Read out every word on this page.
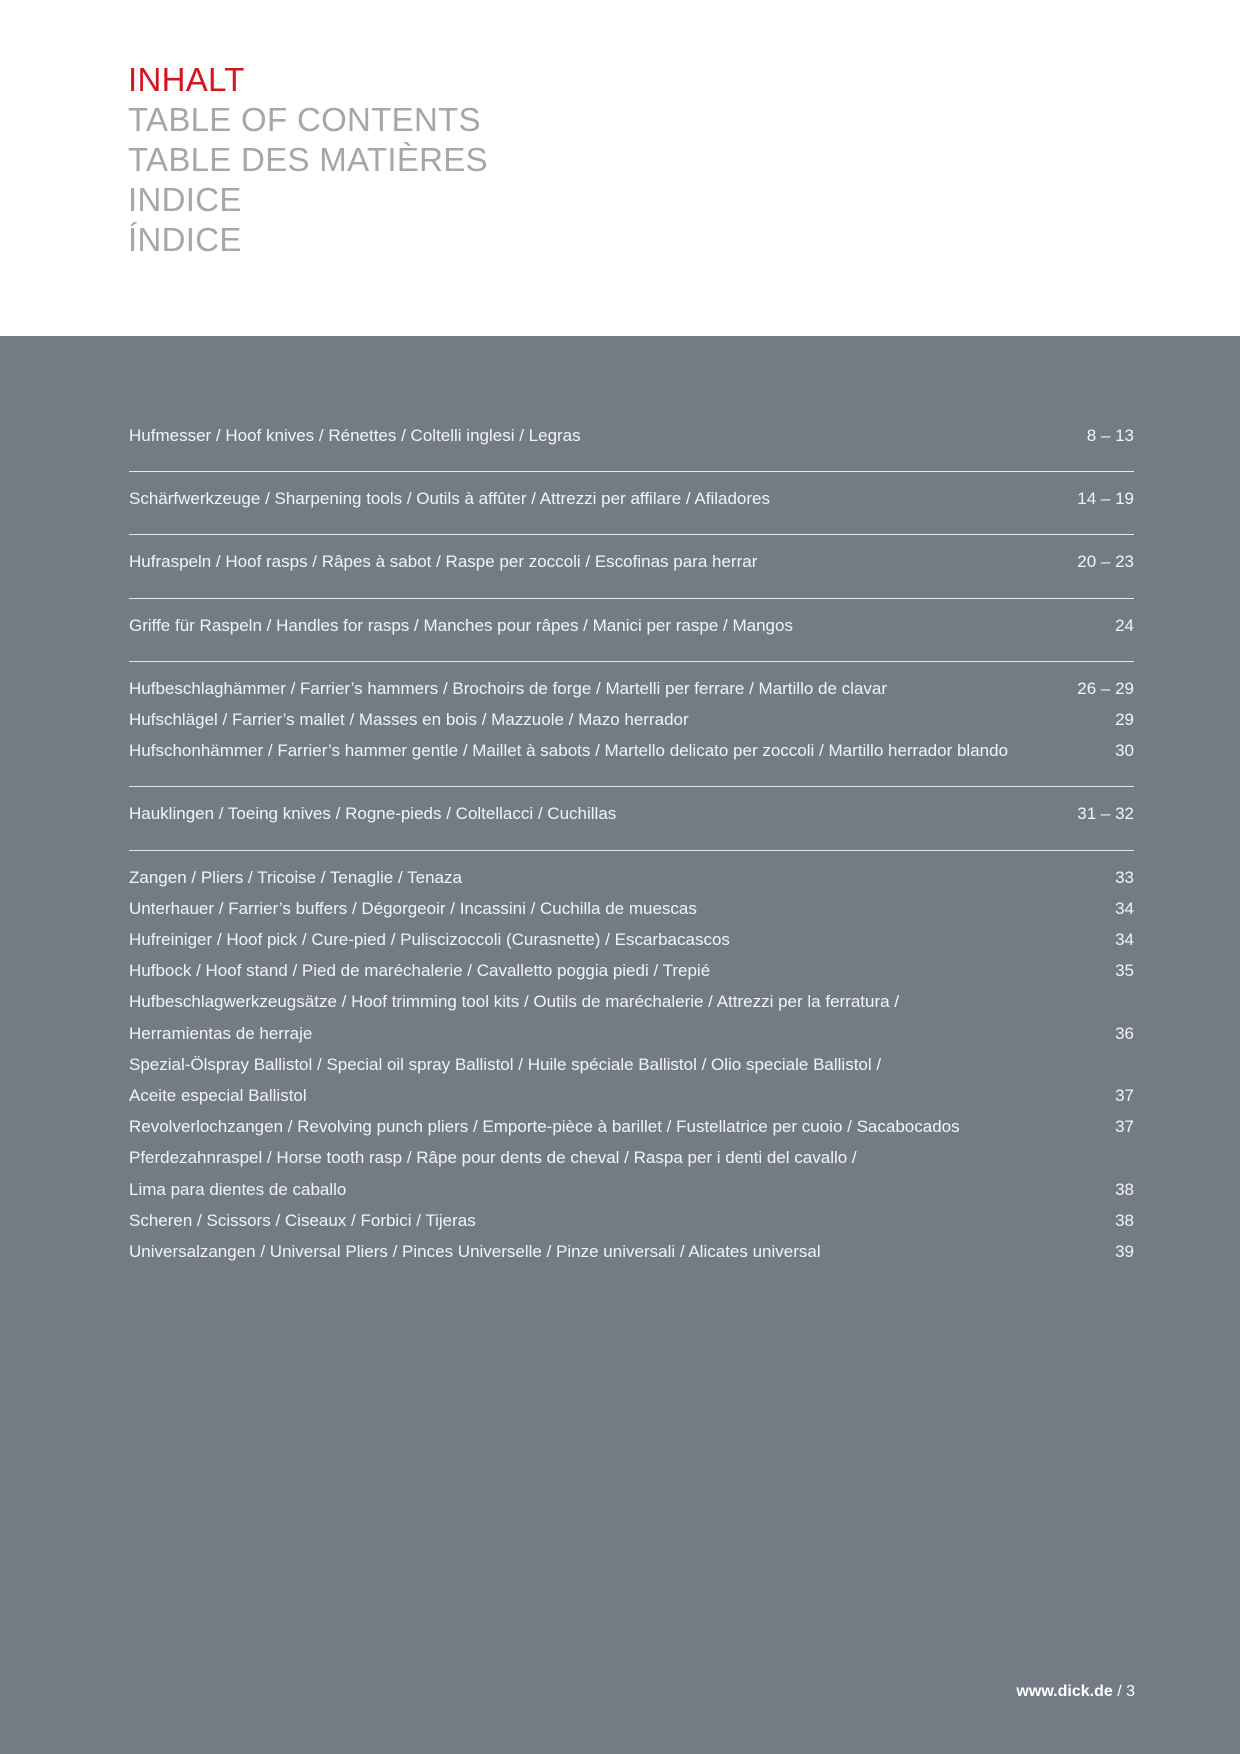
INHALT
TABLE OF CONTENTS
TABLE DES MATIÈRES
INDICE
ÍNDICE
Hufmesser / Hoof knives / Rénettes / Coltelli inglesi / Legras	8 – 13
Schärfwerkzeuge / Sharpening tools / Outils à affûter / Attrezzi per affilare / Afiladores	14 – 19
Hufraspeln / Hoof rasps / Râpes à sabot / Raspe per zoccoli / Escofinas para herrar	20 – 23
Griffe für Raspeln / Handles for rasps / Manches pour râpes / Manici per raspe / Mangos	24
Hufbeschlaghämmer / Farrier’s hammers / Brochoirs de forge / Martelli per ferrare / Martillo de clavar	26 – 29
Hufschlägel / Farrier’s mallet / Masses en bois / Mazzuole / Mazo herrador	29
Hufschonhämmer / Farrier’s hammer gentle / Maillet à sabots / Martello delicato per zoccoli / Martillo herrador blando	30
Hauklingen / Toeing knives / Rogne-pieds / Coltellacci / Cuchillas	31 – 32
Zangen / Pliers / Tricoise / Tenaglie / Tenaza	33
Unterhauer / Farrier’s buffers / Dégorgeoir / Incassini / Cuchilla de muescas	34
Hufreiniger / Hoof pick / Cure-pied / Puliscizoccoli (Curasnette) / Escarbacascos	34
Hufbock / Hoof stand / Pied de maréchalerie / Cavalletto poggia piedi / Trepié	35
Hufbeschlagwerkzeugsätze / Hoof trimming tool kits / Outils de maréchalerie / Attrezzi per la ferratura /
Herramientas de herraje	36
Spezial-Ölspray Ballistol / Special oil spray Ballistol / Huile spéciale Ballistol / Olio speciale Ballistol /
Aceite especial Ballistol	37
Revolverlochzangen / Revolving punch pliers / Emporte-pièce à barillet / Fustellatrice per cuoio / Sacabocados	37
Pferdezahnraspel / Horse tooth rasp / Râpe pour dents de cheval / Raspa per i denti del cavallo /
Lima para dientes de caballo	38
Scheren / Scissors / Ciseaux / Forbici / Tijeras	38
Universalzangen / Universal Pliers / Pinces Universelle / Pinze universali / Alicates universal	39
www.dick.de / 3
